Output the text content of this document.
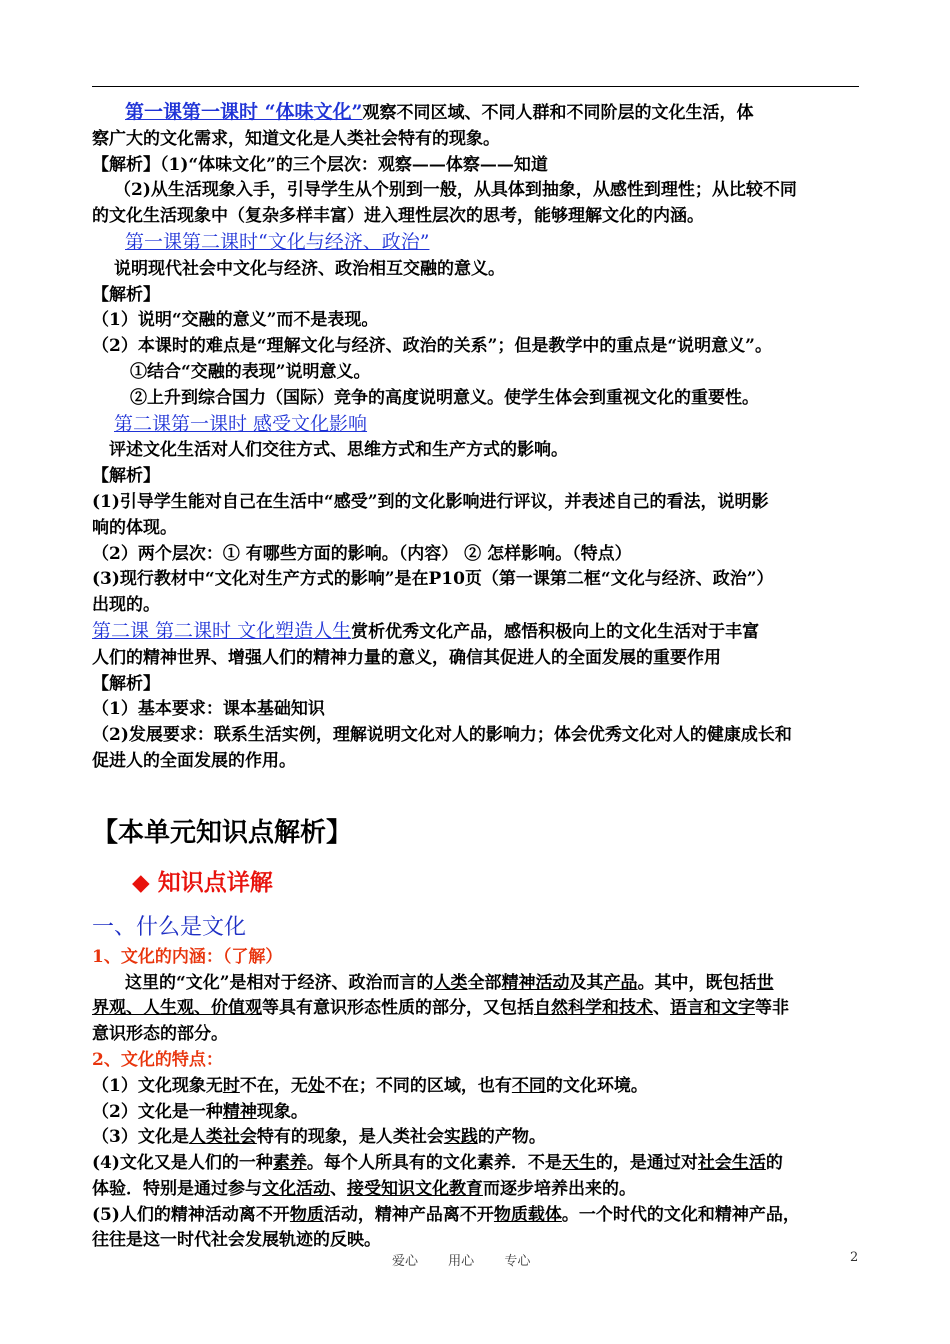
第一课第一课时 “体味文化”观察不同区域、不同人群和不同阶层的文化生活，体

察广大的文化需求，知道文化是人类社会特有的现象。

【解析】（1)“体味文化”的三个层次：观察——体察——知道

（2)从生活现象入手，引导学生从个别到一般，从具体到抽象，从感性到理性；从比较不同

的文化生活现象中（复杂多样丰富）进入理性层次的思考，能够理解文化的内涵。

第一课第二课时“文化与经济、政治”

说明现代社会中文化与经济、政治相互交融的意义。

【解析】

（1）说明“交融的意义”而不是表现。

（2）本课时的难点是“理解文化与经济、政治的关系”；但是教学中的重点是“说明意义”。

①结合“交融的表现”说明意义。

②上升到综合国力（国际）竞争的高度说明意义。使学生体会到重视文化的重要性。

第二课第一课时 感受文化影响

评述文化生活对人们交往方式、思维方式和生产方式的影响。

【解析】

(1)引导学生能对自己在生活中“感受”到的文化影响进行评议，并表述自己的看法，说明影

响的体现。

（2）两个层次：① 有哪些方面的影响。（内容） ② 怎样影响。（特点）

(3)现行教材中“文化对生产方式的影响”是在P10页（第一课第二框“文化与经济、政治”）

出现的。

第二课 第二课时 文化塑造人生赏析优秀文化产品，感悟积极向上的文化生活对于丰富

人们的精神世界、增强人们的精神力量的意义，确信其促进人的全面发展的重要作用

【解析】

（1）基本要求：课本基础知识

（2)发展要求：联系生活实例，理解说明文化对人的影响力；体会优秀文化对人的健康成长和

促进人的全面发展的作用。

【本单元知识点解析】

◆ 知识点详解

一、什么是文化

1、文化的内涵：（了解）

这里的“文化”是相对于经济、政治而言的人类全部精神活动及其产品。其中，既包括世

界观、人生观、价值观等具有意识形态性质的部分，又包括自然科学和技术、语言和文字等非

意识形态的部分。

2、文化的特点：

（1）文化现象无时不在，无处不在；不同的区域，也有不同的文化环境。

（2）文化是一种精神现象。

（3）文化是人类社会特有的现象，是人类社会实践的产物。

(4)文化又是人们的一种素养。每个人所具有的文化素养．不是天生的，是通过对社会生活的

体验．特别是通过参与文化活动、接受知识文化教育而逐步培养出来的。

(5)人们的精神活动离不开物质活动，精神产品离不开物质载体。一个时代的文化和精神产品，

往往是这一时代社会发展轨迹的反映。

爱心 用心 专心	2
